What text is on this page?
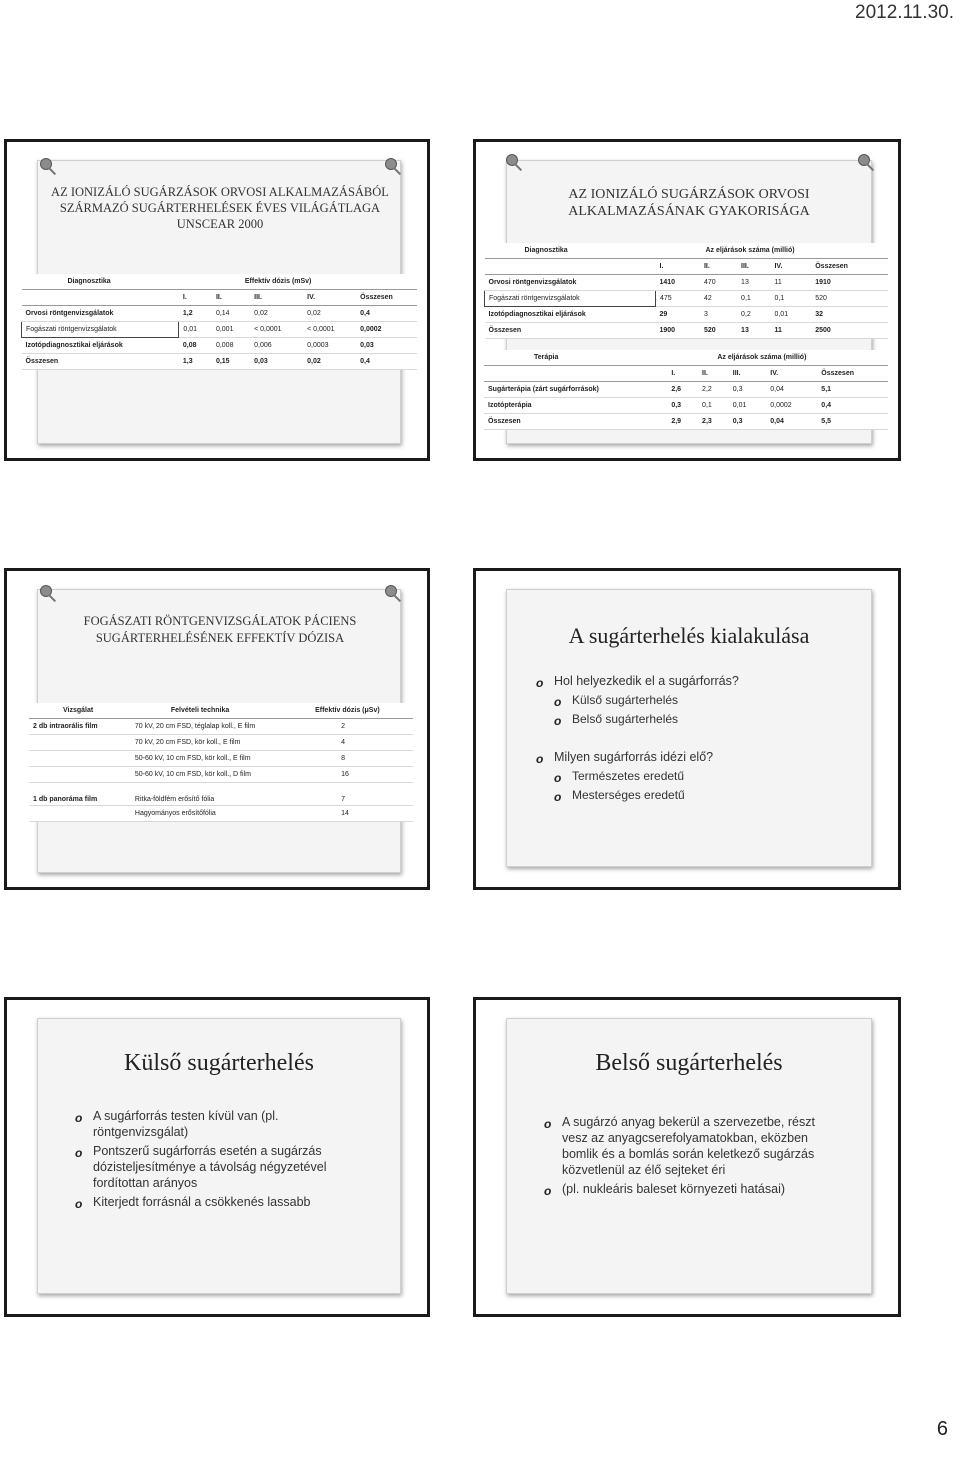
2012.11.30.
AZ IONIZÁLÓ SUGÁRZÁSOK ORVOSI ALKALMAZÁSÁBÓL SZÁRMAZÓ SUGÁRTERHELÉSEK ÉVES VILÁGÁTLAGA UNSCEAR 2000
Diagnosztika	Effektív dózis (mSv)				
	I.	II.	III.	IV.	Összesen
Orvosi röntgenvizsgálatok	1,2	0,14	0,02	0,02	0,4
Fogászati röntgenvizsgálatok	0,01	0,001	< 0,0001	< 0,0001	0,0002
Izotópdiagnosztikai eljárások	0,08	0,008	0,006	0,0003	0,03
Összesen	1,3	0,15	0,03	0,02	0,4
AZ IONIZÁLÓ SUGÁRZÁSOK ORVOSI ALKALMAZÁSÁNAK GYAKORISÁGA
Diagnosztika	Az eljárások száma (millió)				
	I.	II.	III.	IV.	Összesen
Orvosi röntgenvizsgálatok	1410	470	13	11	1910
Fogászati röntgenvizsgálatok	475	42	0,1	0,1	520
Izotópdiagnosztikai eljárások	29	3	0,2	0,01	32
Összesen	1900	520	13	11	2500
Terápia	Az eljárások száma (millió)				
	I.	II.	III.	IV.	Összesen
Sugárterápia (zárt sugárforrások)	2,6	2,2	0,3	0,04	5,1
Izotópterápia	0,3	0,1	0,01	0,0002	0,4
Összesen	2,9	2,3	0,3	0,04	5,5
FOGÁSZATI RÖNTGENVIZSGÁLATOK PÁCIENS SUGÁRTERHELÉSÉNEK EFFEKTÍV DÓZISA
Vizsgálat	Felvételi technika	Effektív dózis (μSv)
2 db intraorális film	70 kV, 20 cm FSD, téglalap koll., E film	2
	70 kV, 20 cm FSD, kör koll., E film	4
	50-60 kV, 10 cm FSD, kör koll., E film	8
	50-60 kV, 10 cm FSD, kör koll., D film	16
1 db panoráma film	Ritka-földfém erősítő fólia	7
	Hagyományos erősítőfólia	14
A sugárterhelés kialakulása
o Hol helyezkedik el a sugárforrás?
o Külső sugárterhelés
o Belső sugárterhelés
o Milyen sugárforrás idézi elő?
o Természetes eredetű
o Mesterséges eredetű
Külső sugárterhelés
o A sugárforrás testen kívül van (pl. röntgenvizsgálat)
o Pontszerű sugárforrás esetén a sugárzás dózisteljesítménye a távolság négyzetével fordítottan arányos
o Kiterjedt forrásnál a csökkenés lassabb
Belső sugárterhelés
o A sugárzó anyag bekerül a szervezetbe, részt vesz az anyagcserefolyamatokban, eközben bomlik és a bomlás során keletkező sugárzás közvetlenül az élő sejteket éri
o (pl. nukleáris baleset környezeti hatásai)
6
